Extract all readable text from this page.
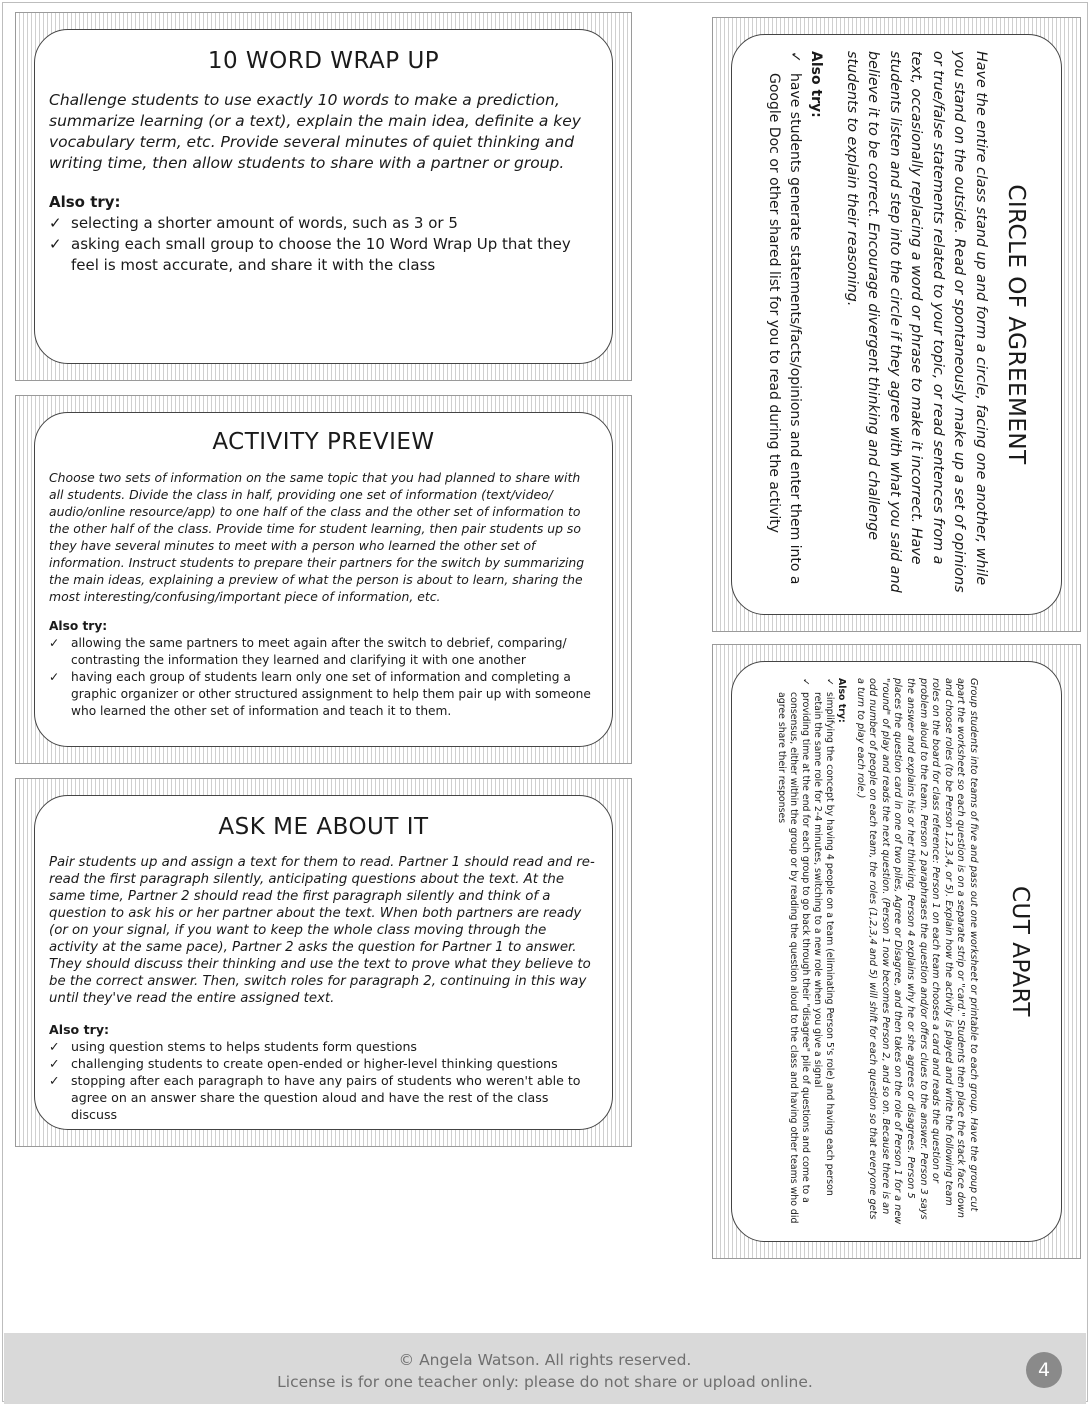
10 WORD WRAP UP

Challenge students to use exactly 10 words to make a prediction, summarize learning (or a text), explain the main idea, definite a key vocabulary term, etc. Provide several minutes of quiet thinking and writing time, then allow students to share with a partner or group.

Also try:
✓ selecting a shorter amount of words, such as 3 or 5
✓ asking each small group to choose the 10 Word Wrap Up that they feel is most accurate, and share it with the class
ACTIVITY PREVIEW

Choose two sets of information on the same topic that you had planned to share with all students. Divide the class in half, providing one set of information (text/video/ audio/online resource/app) to one half of the class and the other set of information to the other half of the class. Provide time for student learning, then pair students up so they have several minutes to meet with a person who learned the other set of information. Instruct students to prepare their partners for the switch by summarizing the main ideas, explaining a preview of what the person is about to learn, sharing the most interesting/confusing/important piece of information, etc.

Also try:
✓ allowing the same partners to meet again after the switch to debrief, comparing/ contrasting the information they learned and clarifying it with one another
✓ having each group of students learn only one set of information and completing a graphic organizer or other structured assignment to help them pair up with someone who learned the other set of information and teach it to them.
ASK ME ABOUT IT

Pair students up and assign a text for them to read. Partner 1 should read and re-read the first paragraph silently, anticipating questions about the text. At the same time, Partner 2 should read the first paragraph silently and think of a question to ask his or her partner about the text. When both partners are ready (or on your signal, if you want to keep the whole class moving through the activity at the same pace), Partner 2 asks the question for Partner 1 to answer. They should discuss their thinking and use the text to prove what they believe to be the correct answer. Then, switch roles for paragraph 2, continuing in this way until they've read the entire assigned text.

Also try:
✓ using question stems to helps students form questions
✓ challenging students to create open-ended or higher-level thinking questions
✓ stopping after each paragraph to have any pairs of students who weren't able to agree on an answer share the question aloud and have the rest of the class discuss
CIRCLE OF AGREEMENT

Have the entire class stand up and form a circle, facing one another, while you stand on the outside. Read or spontaneously make up a set of opinions or true/false statements related to your topic, or read sentences from a text, occasionally replacing a word or phrase to make it incorrect. Have students listen and step into the circle if they agree with what you said and believe it to be correct. Encourage divergent thinking and challenge students to explain their reasoning.

Also try:
✓
have students generate statements/facts/opinions and enter them into a Google Doc or other shared list for you to read during the activity
CUT APART

Group students into teams of five and pass out one worksheet or printable to each group. Have the group cut apart the worksheet so each question is on a separate strip or "card." Students then place the stack face down and choose roles (to be Person 1,2,3,4, or 5). Explain how the activity is played and write the following team roles on the board for class reference: Person 1 on each team chooses a card and reads the question or problem aloud to the team. Person 2 paraphrases the question and/or offers clues to the answer. Person 3 says the answer and explains his or her thinking. Person 4 explains why he or she agrees or disagrees. Person 5 places the question card in one of two piles, Agree or Disagree, and then takes on the role of Person 1 for a new "round" of play and reads the next question. (Person 1 now becomes Person 2, and so on. Because there is an odd number of people on each team, the roles (1,2,3,4 and 5) will shift for each question so that everyone gets a turn to play each role.)

Also try:
✓
simplifying the concept by having 4 people on a team (eliminating Person 5's role) and having each person retain the same role for 2-4 minutes, switching to a new role when you give a signal
✓
providing time at the end for each group to go back through their "disagree" pile of questions and come to a consensus, either within the group or by reading the question aloud to the class and having other teams who did agree share their responses
© Angela Watson. All rights reserved.
License is for one teacher only: please do not share or upload online.
4
